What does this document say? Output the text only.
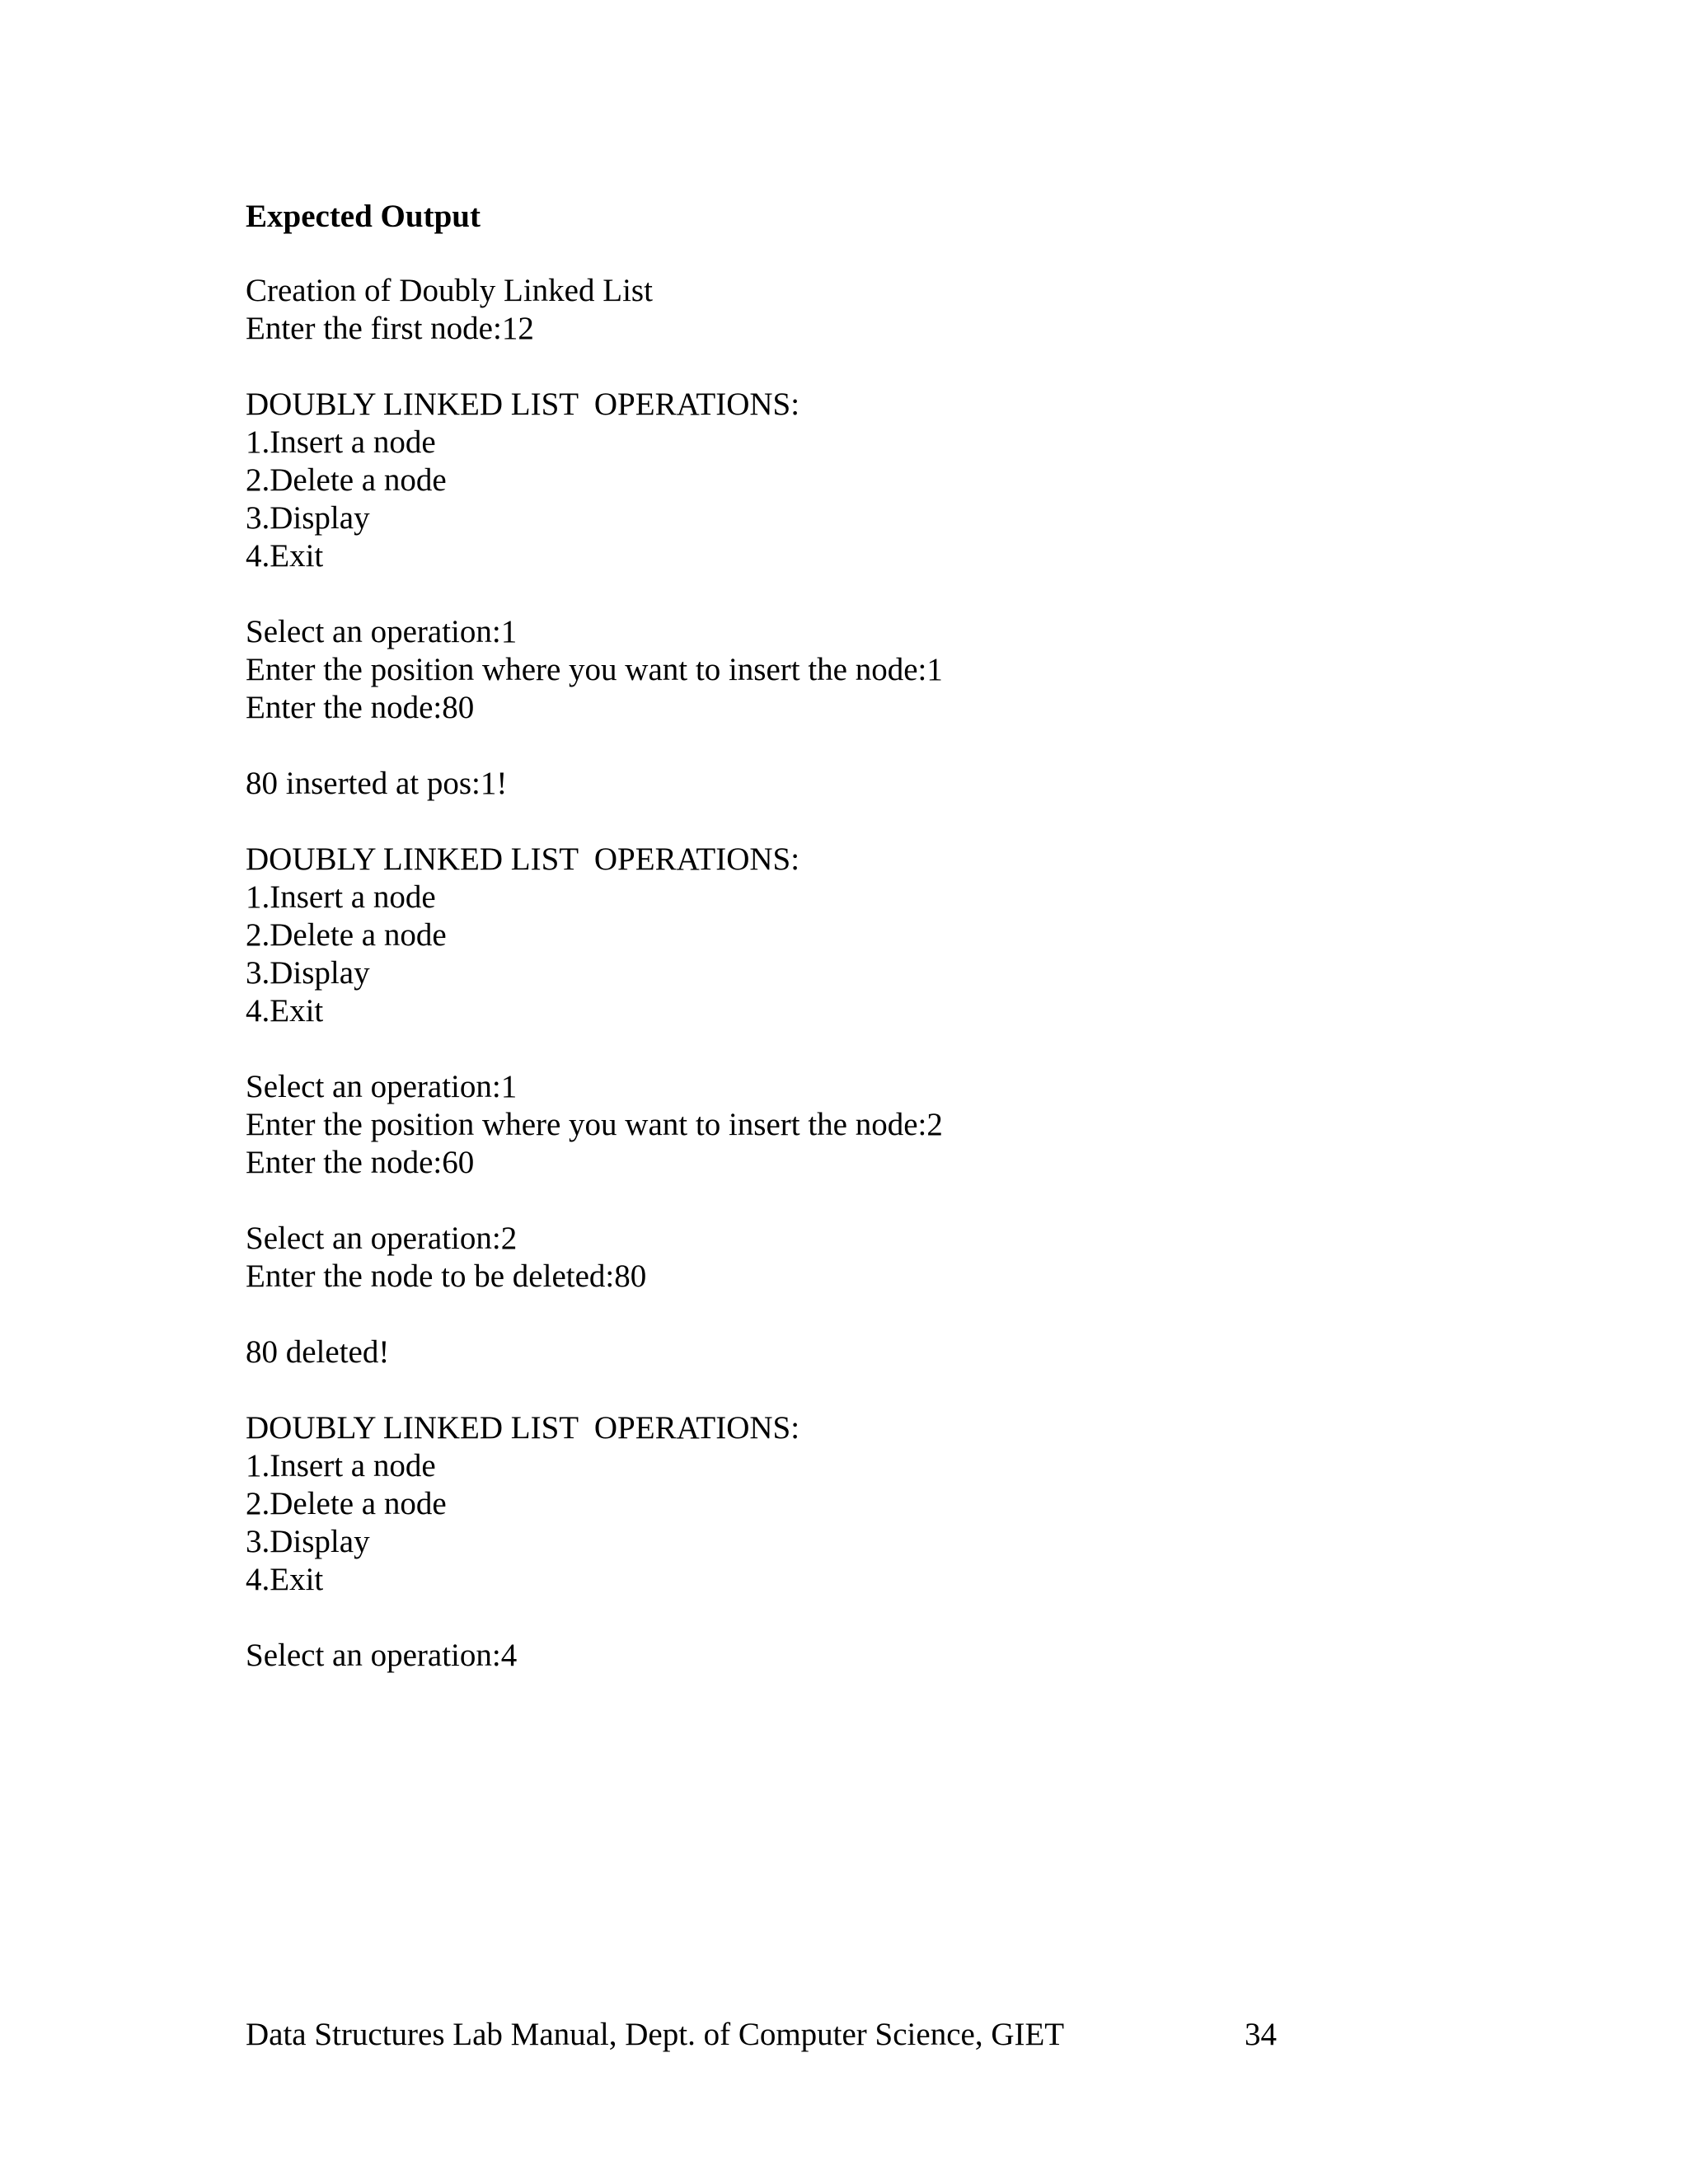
Expected Output
Creation of Doubly Linked List
Enter the first node:12
DOUBLY LINKED LIST  OPERATIONS:
1.Insert a node
2.Delete a node
3.Display
4.Exit
Select an operation:1
Enter the position where you want to insert the node:1
Enter the node:80
80 inserted at pos:1!
DOUBLY LINKED LIST  OPERATIONS:
1.Insert a node
2.Delete a node
3.Display
4.Exit
Select an operation:1
Enter the position where you want to insert the node:2
Enter the node:60
Select an operation:2
Enter the node to be deleted:80
80 deleted!
DOUBLY LINKED LIST  OPERATIONS:
1.Insert a node
2.Delete a node
3.Display
4.Exit
Select an operation:4
Data Structures Lab Manual, Dept. of Computer Science, GIET	34
